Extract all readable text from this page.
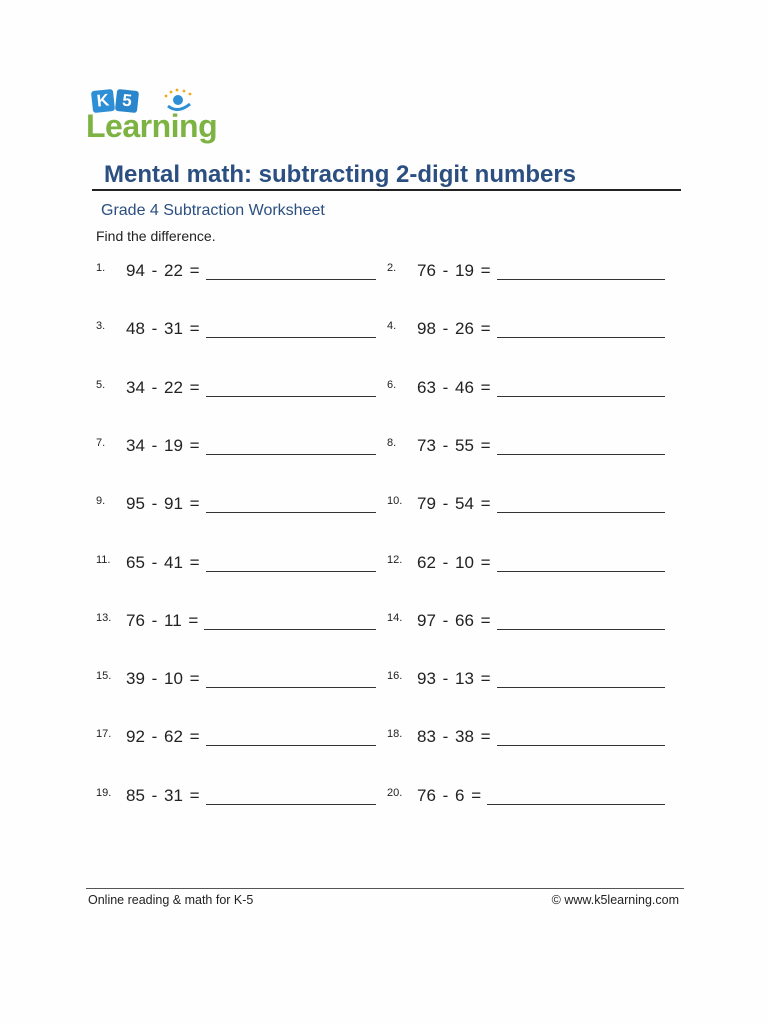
K 5
Learning
Mental math: subtracting 2-digit numbers
Grade 4 Subtraction Worksheet
Find the difference.
1. 94 - 22 =	2. 76 - 19 =
3. 48 - 31 =	4. 98 - 26 =
5. 34 - 22 =	6. 63 - 46 =
7. 34 - 19 =	8. 73 - 55 =
9. 95 - 91 =	10. 79 - 54 =
11. 65 - 41 =	12. 62 - 10 =
13. 76 - 11 =	14. 97 - 66 =
15. 39 - 10 =	16. 93 - 13 =
17. 92 - 62 =	18. 83 - 38 =
19. 85 - 31 =	20. 76 - 6 =
Online reading & math for K-5	© www.k5learning.com
